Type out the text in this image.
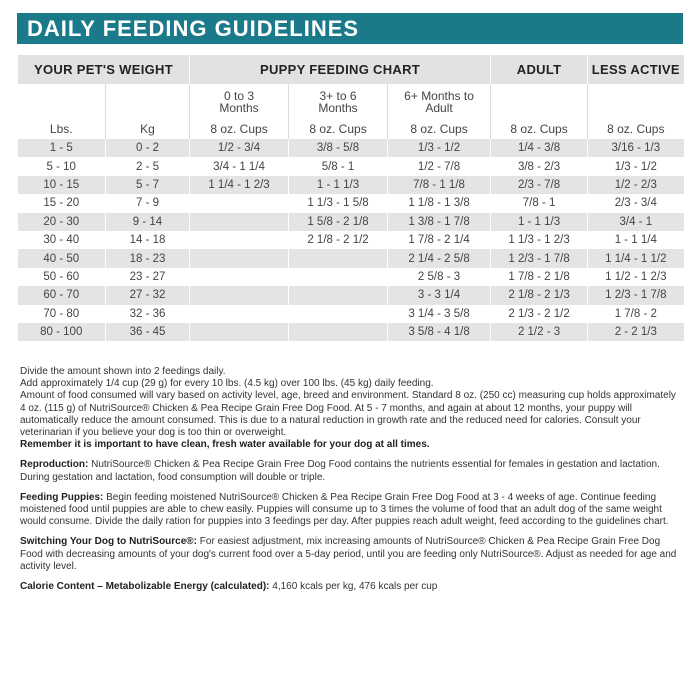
DAILY FEEDING GUIDELINES
YOUR PET'S WEIGHT		PUPPY FEEDING CHART			ADULT	LESS ACTIVE

		0 to 3 Months	3+ to 6 Months	6+ Months to Adult		

Lbs.	Kg	8 oz. Cups	8 oz. Cups	8 oz. Cups	8 oz. Cups	8 oz. Cups
1 - 5	0 - 2	1/2 - 3/4	3/8 - 5/8	1/3 - 1/2	1/4 - 3/8	3/16 - 1/3
5 - 10	2 - 5	3/4 - 1 1/4	5/8 - 1	1/2 - 7/8	3/8 - 2/3	1/3 - 1/2
10 - 15	5 - 7	1 1/4 - 1 2/3	1 - 1 1/3	7/8 - 1 1/8	2/3 - 7/8	1/2 - 2/3
15 - 20	7 - 9		1 1/3 - 1 5/8	1 1/8 - 1 3/8	7/8 - 1	2/3 - 3/4
20 - 30	9 - 14		1 5/8 - 2 1/8	1 3/8 - 1 7/8	1 - 1 1/3	3/4 - 1
30 - 40	14 - 18		2 1/8 - 2 1/2	1 7/8 - 2 1/4	1 1/3 - 1 2/3	1 - 1 1/4
40 - 50	18 - 23			2 1/4 - 2 5/8	1 2/3 - 1 7/8	1 1/4 - 1 1/2
50 - 60	23 - 27			2 5/8 - 3	1 7/8 - 2 1/8	1 1/2 - 1 2/3
60 - 70	27 - 32			3 - 3 1/4	2 1/8 - 2 1/3	1 2/3 - 1 7/8
70 - 80	32 - 36			3 1/4 - 3 5/8	2 1/3 - 2 1/2	1 7/8 - 2
80 - 100	36 - 45			3 5/8 - 4 1/8	2 1/2 - 3	2 - 2 1/3

Divide the amount shown into 2 feedings daily.

Add approximately 1/4 cup (29 g) for every 10 lbs. (4.5 kg) over 100 lbs. (45 kg) daily feeding.

Amount of food consumed will vary based on activity level, age, breed and environment. Standard 8 oz. (250 cc) measuring cup holds approximately 4 oz. (115 g) of NutriSource® Chicken & Pea Recipe Grain Free Dog Food. At 5 - 7 months, and again at about 12 months, your puppy will automatically reduce the amount consumed. This is due to a natural reduction in growth rate and the reduced need for calories. Consult your veterinarian if you believe your dog is too thin or overweight.

Remember it is important to have clean, fresh water available for your dog at all times.

Reproduction: NutriSource® Chicken & Pea Recipe Grain Free Dog Food contains the nutrients essential for females in gestation and lactation. During gestation and lactation, food consumption will double or triple.

Feeding Puppies: Begin feeding moistened NutriSource® Chicken & Pea Recipe Grain Free Dog Food at 3 - 4 weeks of age. Continue feeding moistened food until puppies are able to chew easily. Puppies will consume up to 3 times the volume of food that an adult dog of the same weight would consume. Divide the daily ration for puppies into 3 feedings per day. After puppies reach adult weight, feed according to the guidelines chart.

Switching Your Dog to NutriSource®: For easiest adjustment, mix increasing amounts of NutriSource® Chicken & Pea Recipe Grain Free Dog Food with decreasing amounts of your dog's current food over a 5-day period, until you are feeding only NutriSource®. Adjust as needed for age and activity level.

Calorie Content – Metabolizable Energy (calculated): 4,160 kcals per kg, 476 kcals per cup
